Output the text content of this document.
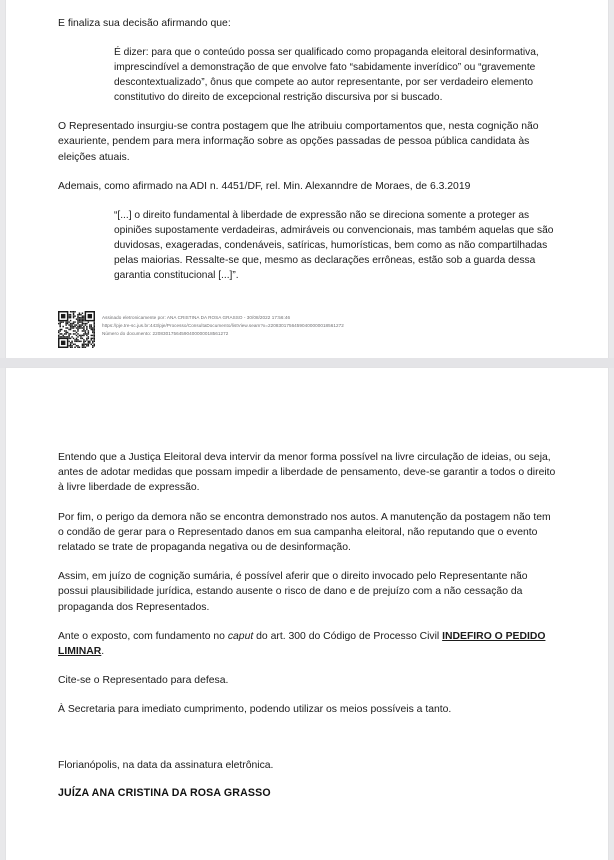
E finaliza sua decisão afirmando que:

É dizer: para que o conteúdo possa ser qualificado como propaganda eleitoral desinformativa, imprescindível a demonstração de que envolve fato “sabidamente inverídico” ou “gravemente descontextualizado”, ônus que compete ao autor representante, por ser verdadeiro elemento constitutivo do direito de excepcional restrição discursiva por si buscado.

O Representado insurgiu-se contra postagem que lhe atribuiu comportamentos que, nesta cognição não exauriente, pendem para mera informação sobre as opções passadas de pessoa pública candidata às eleições atuais.

Ademais, como afirmado na ADI n. 4451/DF, rel. Min. Alexanndre de Moraes, de 6.3.2019

“[...] o direito fundamental à liberdade de expressão não se direciona somente a proteger as opiniões supostamente verdadeiras, admiráveis ou convencionais, mas também aquelas que são duvidosas, exageradas, condenáveis, satíricas, humorísticas, bem como as não compartilhadas pelas maiorias. Ressalte-se que, mesmo as declarações errôneas, estão sob a guarda dessa garantia constitucional [...]”.

Assinado eletronicamente por: ANA CRISTINA DA ROSA GRASSO - 30/08/2022 17:56:46
https://pje.tre-sc.jus.br:443/pje/Processo/ConsultaDocumento/listView.seam?x=22083017564590400000018561272
Número do documento: 22083017564590400000018561272

Entendo que a Justiça Eleitoral deva intervir da menor forma possível na livre circulação de ideias, ou seja, antes de adotar medidas que possam impedir a liberdade de pensamento, deve-se garantir a todos o direito à livre liberdade de expressão.

Por fim, o perigo da demora não se encontra demonstrado nos autos. A manutenção da postagem não tem o condão de gerar para o Representado danos em sua campanha eleitoral, não reputando que o evento relatado se trate de propaganda negativa ou de desinformação.

Assim, em juízo de cognição sumária, é possível aferir que o direito invocado pelo Representante não possui plausibilidade jurídica, estando ausente o risco de dano e de prejuízo com a não cessação da propaganda dos Representados.

Ante o exposto, com fundamento no caput do art. 300 do Código de Processo Civil INDEFIRO O PEDIDO LIMINAR.

Cite-se o Representado para defesa.

À Secretaria para imediato cumprimento, podendo utilizar os meios possíveis a tanto.

Florianópolis, na data da assinatura eletrônica.

JUÍZA ANA CRISTINA DA ROSA GRASSO
